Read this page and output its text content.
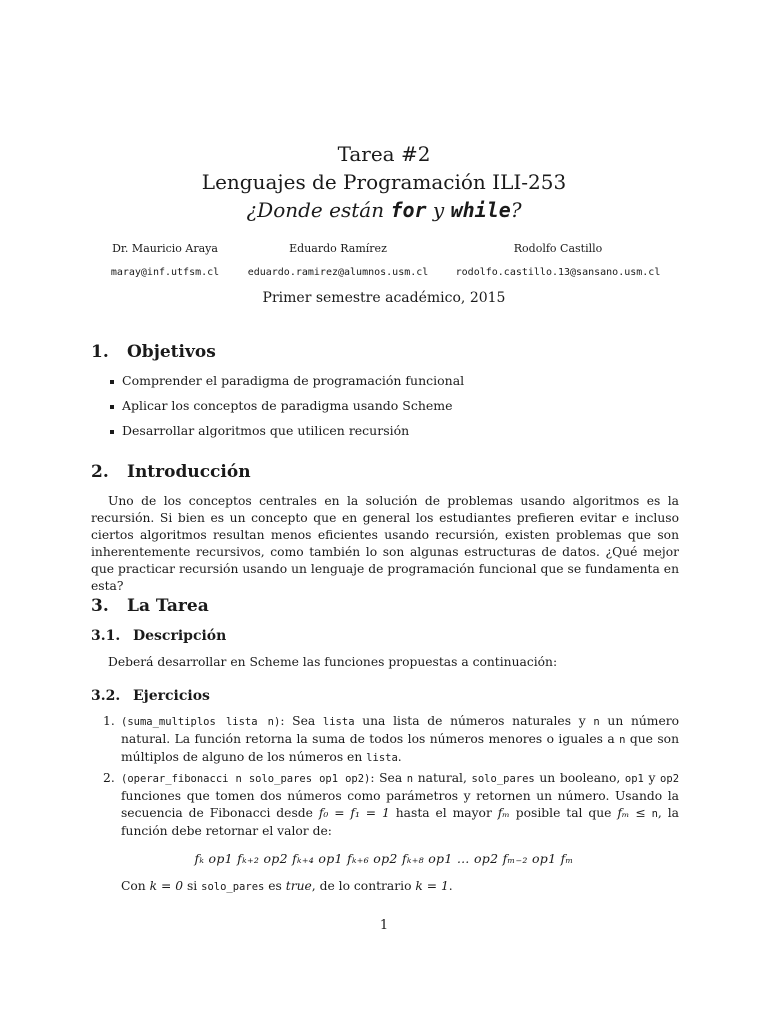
Tarea #2
Lenguajes de Programación ILI-253
¿Donde están for y while?
Dr. Mauricio Araya
maray@inf.utfsm.cl
Eduardo Ramírez
eduardo.ramirez@alumnos.usm.cl
Rodolfo Castillo
rodolfo.castillo.13@sansano.usm.cl
Primer semestre académico, 2015
1. Objetivos
Comprender el paradigma de programación funcional
Aplicar los conceptos de paradigma usando Scheme
Desarrollar algoritmos que utilicen recursión
2. Introducción

Uno de los conceptos centrales en la solución de problemas usando algoritmos es la recursión. Si bien es un concepto que en general los estudiantes prefieren evitar e incluso ciertos algoritmos resultan menos eficientes usando recursión, existen problemas que son inherentemente recursivos, como también lo son algunas estructuras de datos. ¿Qué mejor que practicar recursión usando un lenguaje de programación funcional que se fundamenta en esta?

3. La Tarea
3.1. Descripción

Deberá desarrollar en Scheme las funciones propuestas a continuación:

3.2. Ejercicios
1. (suma_multiplos lista n): Sea lista una lista de números naturales y n un número natural. La función retorna la suma de todos los números menores o iguales a n que son múltiplos de alguno de los números en lista.
2. (operar_fibonacci n solo_pares op1 op2): Sea n natural, solo_pares un booleano, op1 y op2 funciones que tomen dos números como parámetros y retornen un número. Usando la secuencia de Fibonacci desde f₀ = f₁ = 1 hasta el mayor fₘ posible tal que fₘ ≤ n, la función debe retornar el valor de:
fₖ op1 fₖ₊₂ op2 fₖ₊₄ op1 fₖ₊₆ op2 fₖ₊₈ op1 … op2 fₘ₋₂ op1 fₘ
Con k = 0 si solo_pares es true, de lo contrario k = 1.
1
